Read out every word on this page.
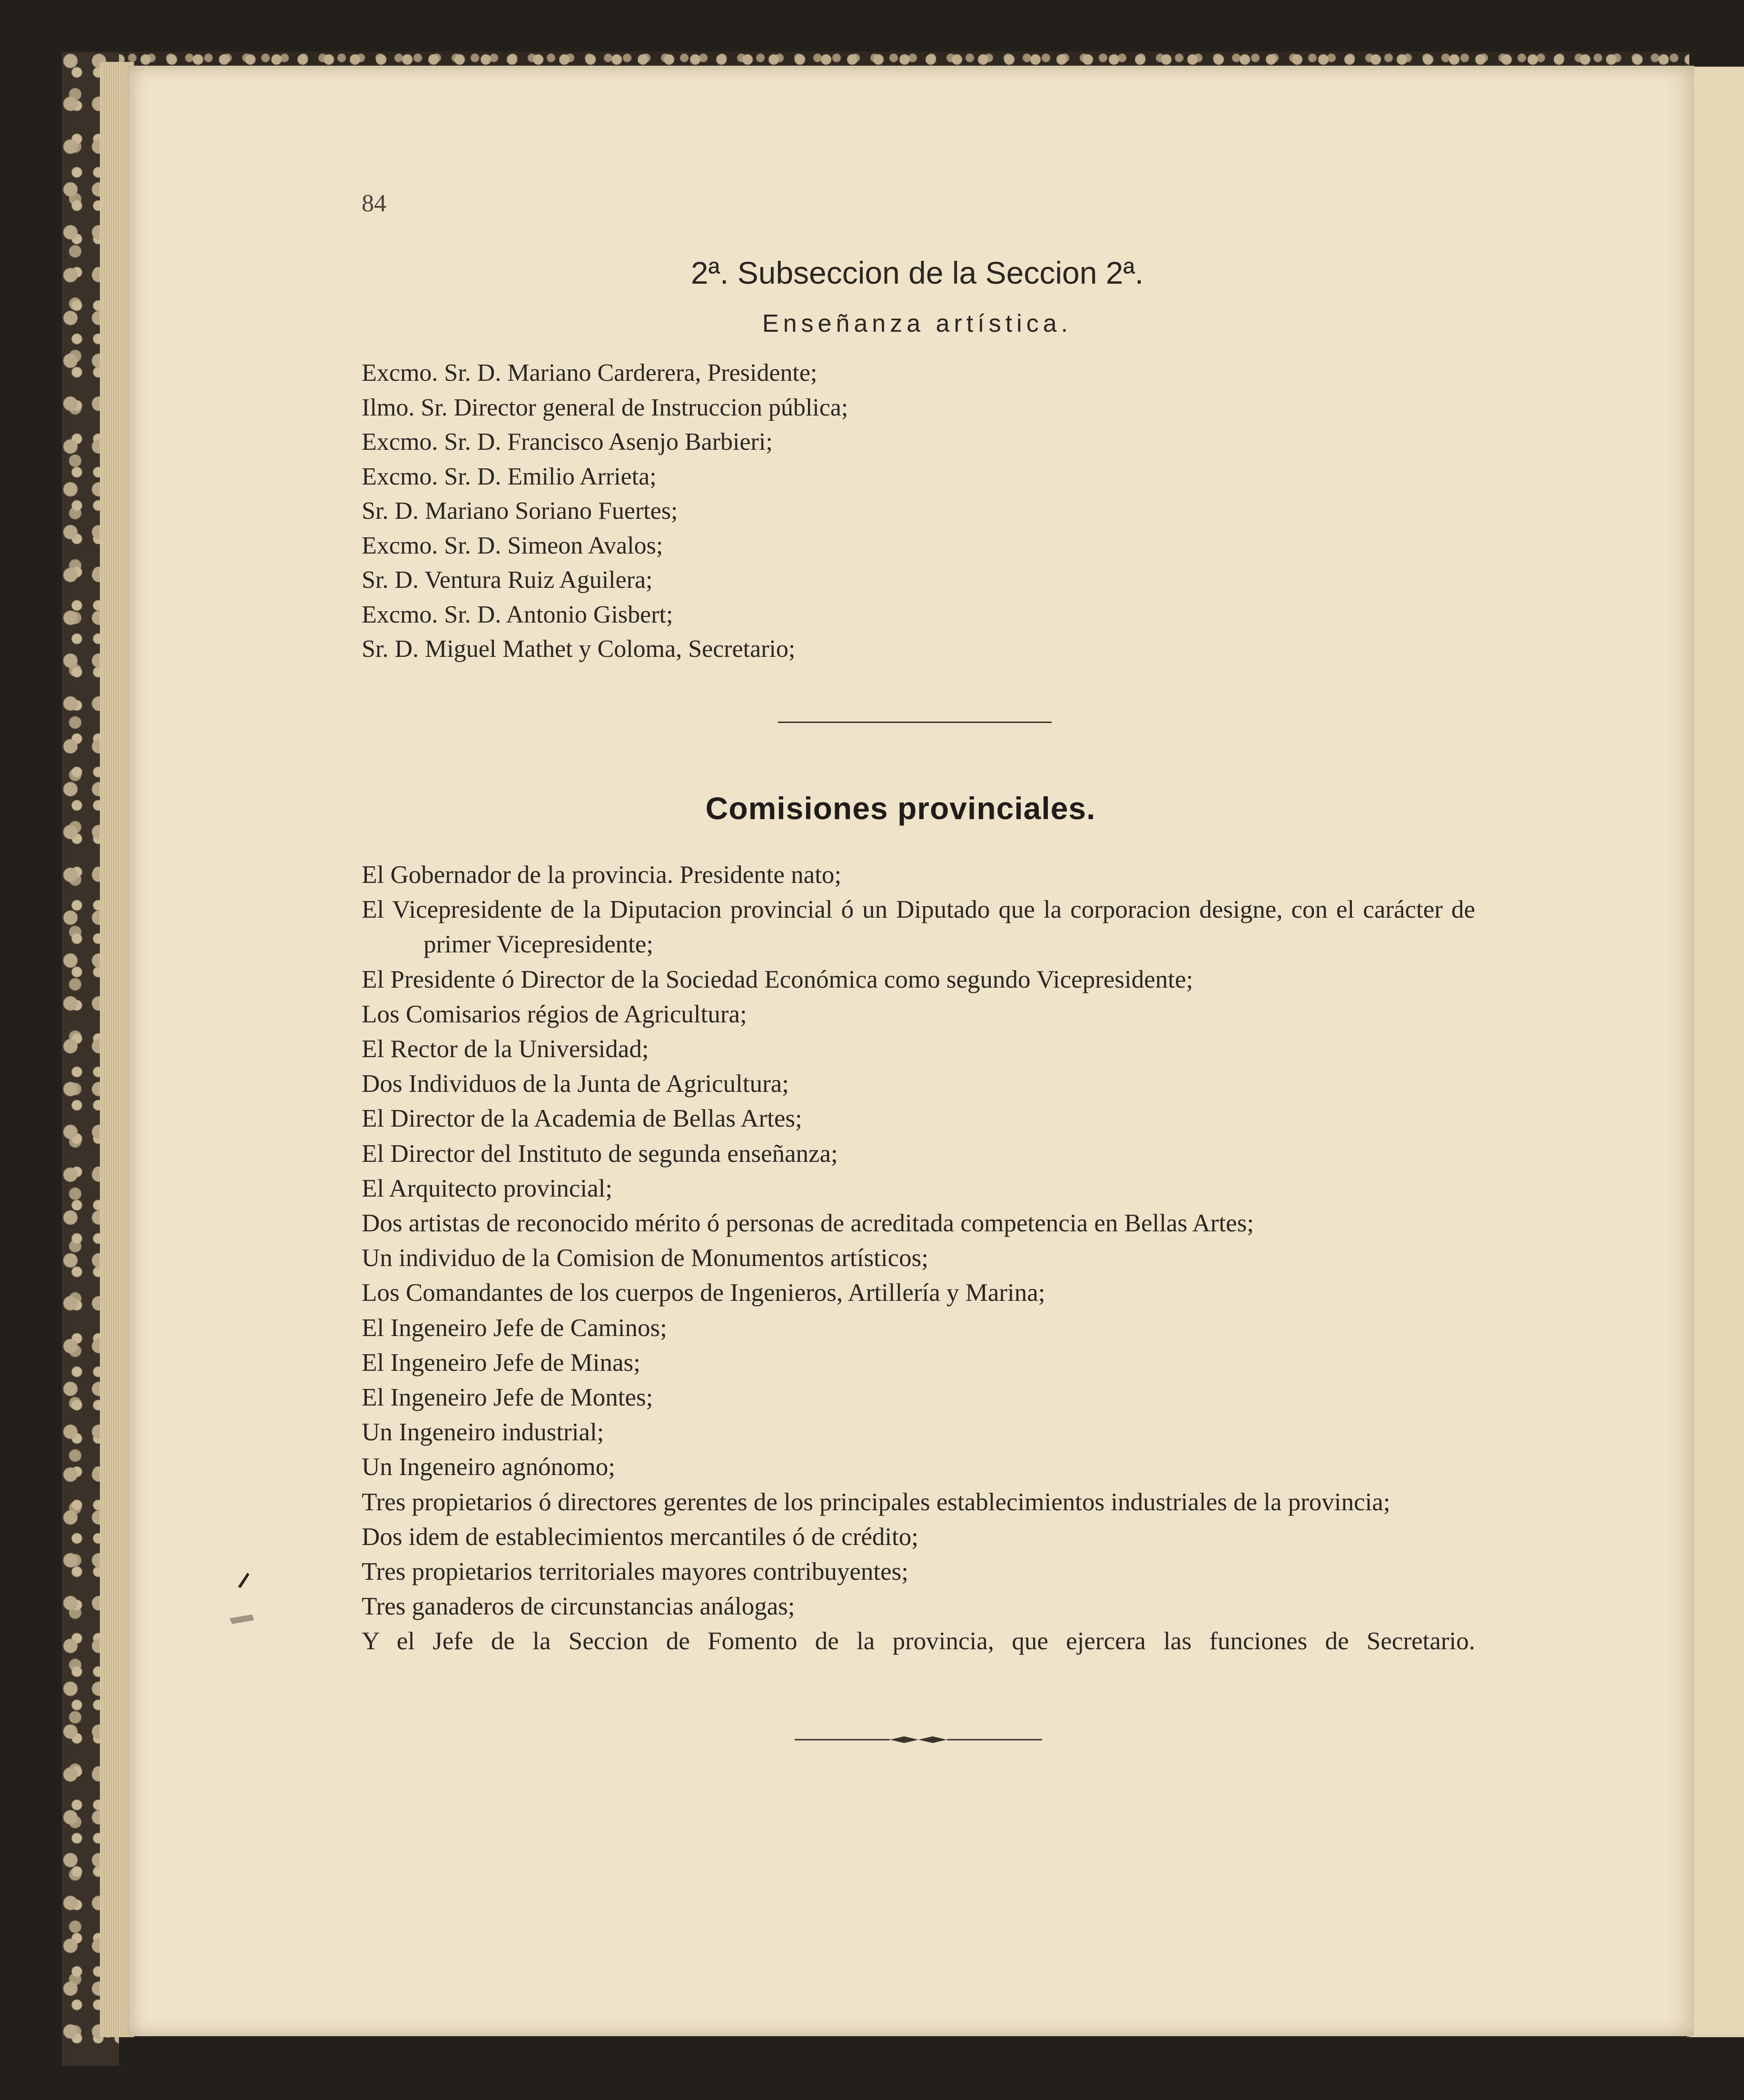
84
2ª. Subseccion de la Seccion 2ª.
Enseñanza artística.
Excmo. Sr. D. Mariano Carderera, Presidente;
Ilmo. Sr. Director general de Instruccion pública;
Excmo. Sr. D. Francisco Asenjo Barbieri;
Excmo. Sr. D. Emilio Arrieta;
Sr. D. Mariano Soriano Fuertes;
Excmo. Sr. D. Simeon Avalos;
Sr. D. Ventura Ruiz Aguilera;
Excmo. Sr. D. Antonio Gisbert;
Sr. D. Miguel Mathet y Coloma, Secretario;
Comisiones provinciales.
El Gobernador de la provincia. Presidente nato;
El Vicepresidente de la Diputacion provincial ó un Diputado que la corporacion designe, con el carácter de primer Vicepresidente;
El Presidente ó Director de la Sociedad Económica como segundo Vicepresidente;
Los Comisarios régios de Agricultura;
El Rector de la Universidad;
Dos Individuos de la Junta de Agricultura;
El Director de la Academia de Bellas Artes;
El Director del Instituto de segunda enseñanza;
El Arquitecto provincial;
Dos artistas de reconocido mérito ó personas de acreditada competencia en Bellas Artes;
Un individuo de la Comision de Monumentos artísticos;
Los Comandantes de los cuerpos de Ingenieros, Artillería y Marina;
El Ingeneiro Jefe de Caminos;
El Ingeneiro Jefe de Minas;
El Ingeneiro Jefe de Montes;
Un Ingeneiro industrial;
Un Ingeneiro agnónomo;
Tres propietarios ó directores gerentes de los principales establecimientos industriales de la provincia;
Dos idem de establecimientos mercantiles ó de crédito;
Tres propietarios territoriales mayores contribuyentes;
Tres ganaderos de circunstancias análogas;
Y el Jefe de la Seccion de Fomento de la provincia, que ejercera las funciones de Secretario.
